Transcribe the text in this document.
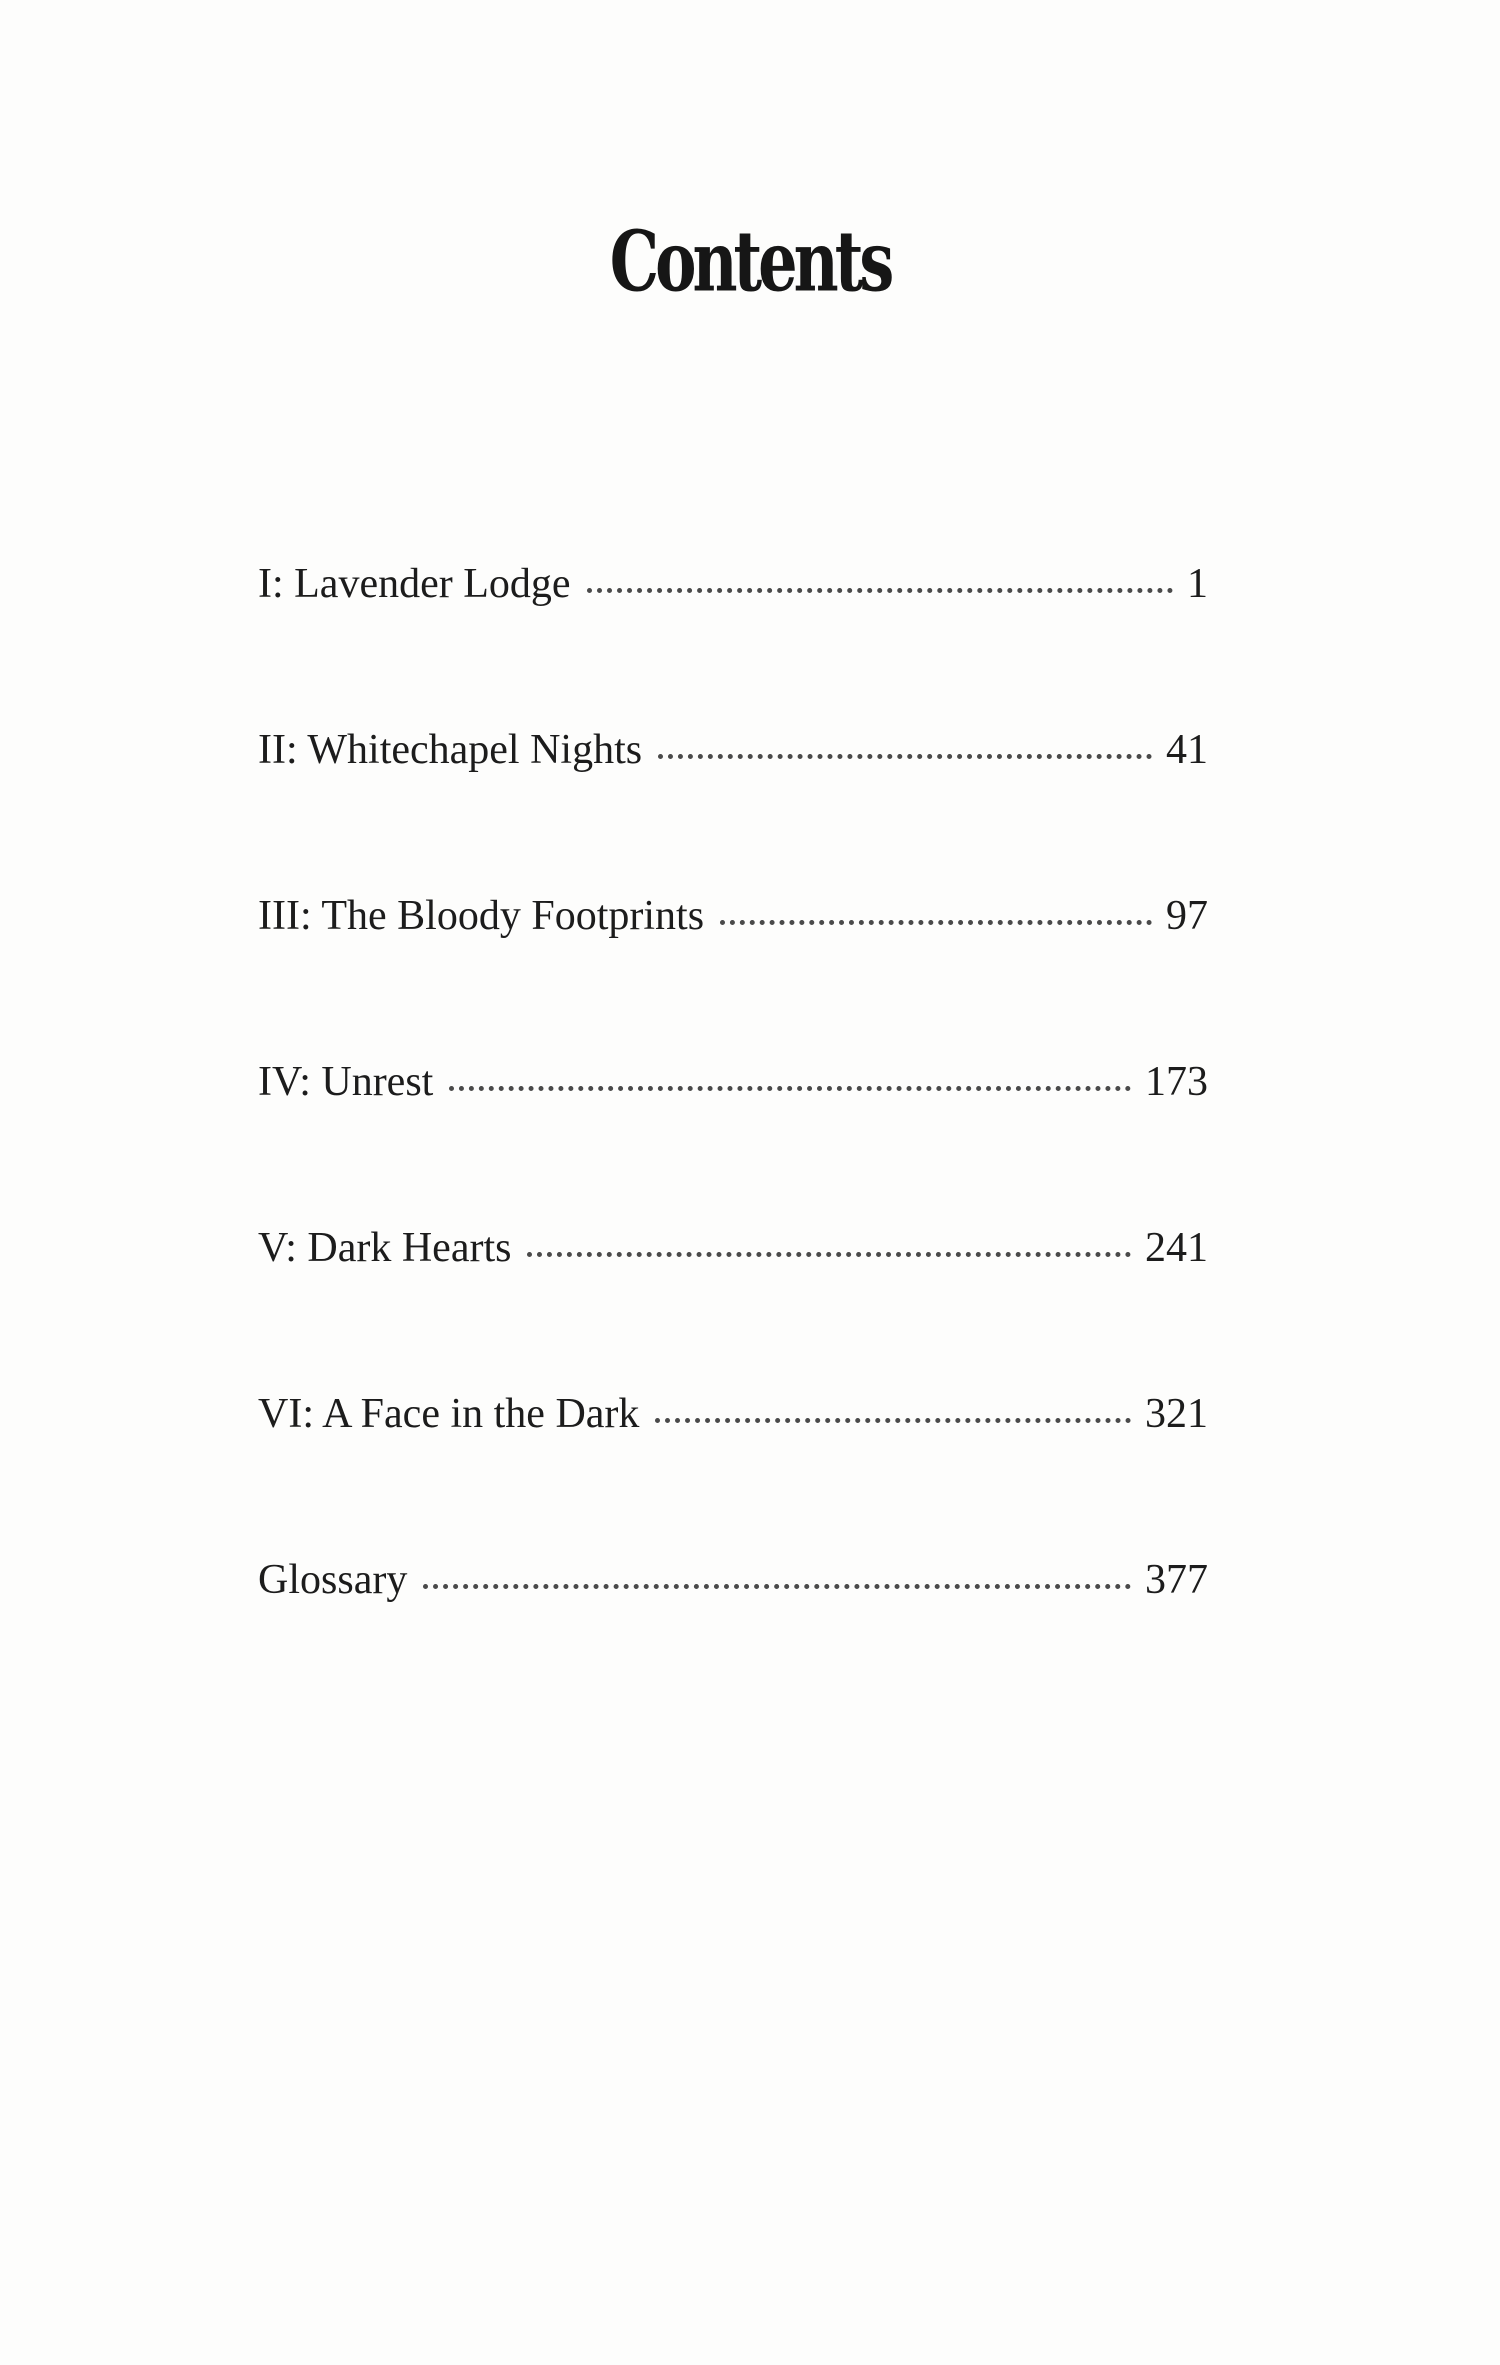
Contents
I: Lavender Lodge	1
II: Whitechapel Nights	41
III: The Bloody Footprints	97
IV: Unrest	173
V: Dark Hearts	241
VI: A Face in the Dark	321
Glossary	377
